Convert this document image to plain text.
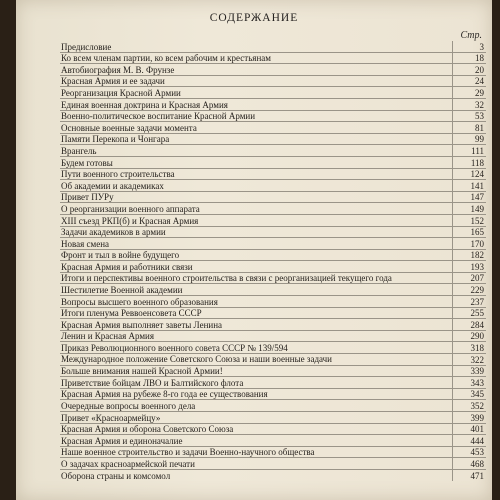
СОДЕРЖАНИЕ
Стр.
Предисловие	3
Ко всем членам партии, ко всем рабочим и крестьянам	18
Автобиография М. В. Фрунзе	20
Красная Армия и ее задачи	24
Реорганизация Красной Армии	29
Единая военная доктрина и Красная Армия	32
Военно-политическое воспитание Красной Армии	53
Основные военные задачи момента	81
Памяти Перекопа и Чонгара	99
Врангель	111
Будем готовы	118
Пути военного строительства	124
Об академии и академиках	141
Привет ПУРу	147
О реорганизации военного аппарата	149
XIII съезд РКП(б) и Красная Армия	152
Задачи академиков в армии	165
Новая смена	170
Фронт и тыл в войне будущего	182
Красная Армия и работники связи	193
Итоги и перспективы военного строительства в связи с реорганизацией текущего года	207
Шестилетие Военной академии	229
Вопросы высшего военного образования	237
Итоги пленума Реввоенсовета СССР	255
Красная Армия выполняет заветы Ленина	284
Ленин и Красная Армия	290
Приказ Революционного военного совета СССР № 139/594	318
Международное положение Советского Союза и наши военные задачи	322
Больше внимания нашей Красной Армии!	339
Приветствие бойцам ЛВО и Балтийского флота	343
Красная Армия на рубеже 8-го года ее существования	345
Очередные вопросы военного дела	352
Привет «Красноармейцу»	399
Красная Армия и оборона Советского Союза	401
Красная Армия и единоначалие	444
Наше военное строительство и задачи Военно-научного общества	453
О задачах красноармейской печати	468
Оборона страны и комсомол	471
